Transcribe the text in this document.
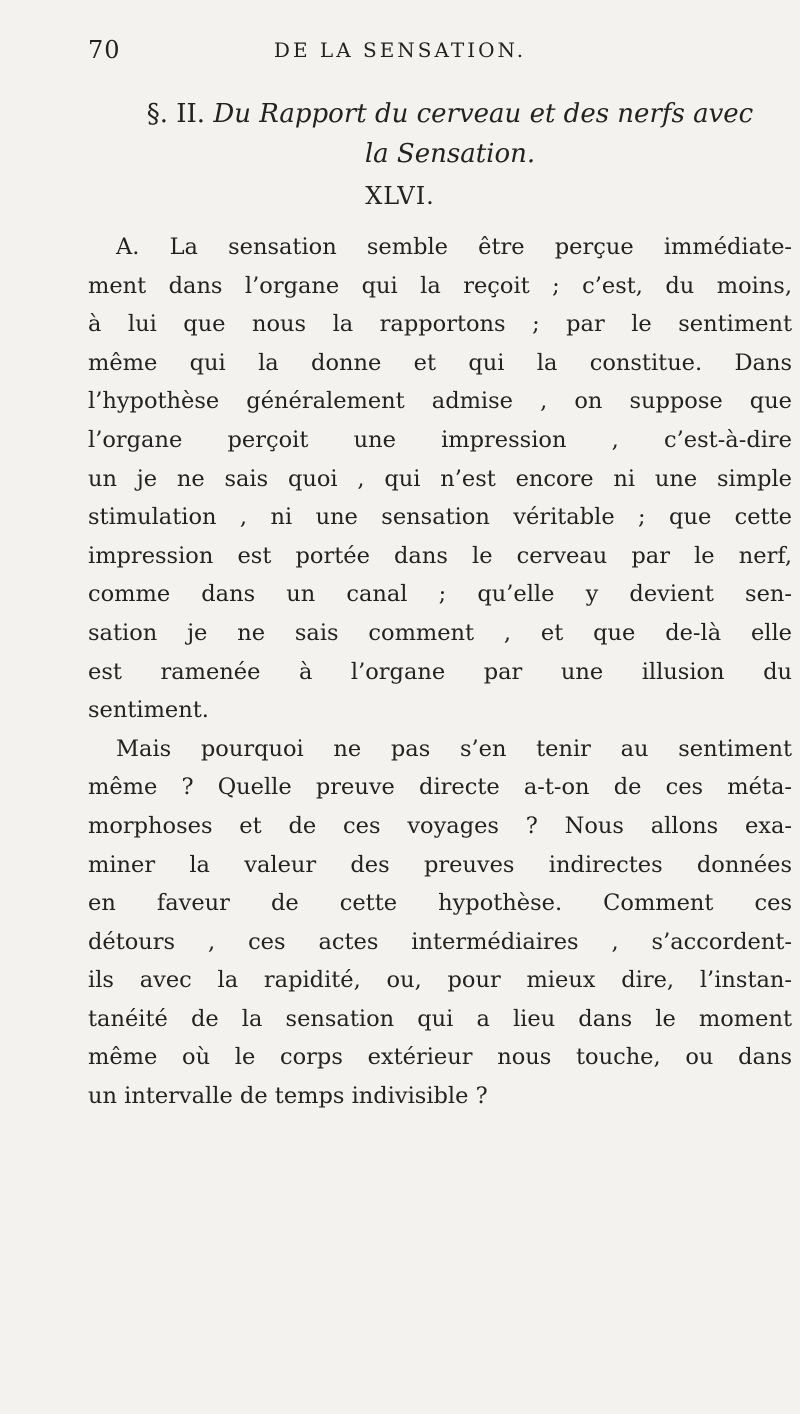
70	DE LA SENSATION.
§. II. Du Rapport du cerveau et des nerfs avec
la Sensation.
XLVI.
A. La sensation semble être perçue immédiate-
ment dans l’organe qui la reçoit ; c’est, du moins,
à lui que nous la rapportons ; par le sentiment
même qui la donne et qui la constitue. Dans
l’hypothèse généralement admise , on suppose que
l’organe perçoit une impression , c’est-à-dire
un je ne sais quoi , qui n’est encore ni une simple
stimulation , ni une sensation véritable ; que cette
impression est portée dans le cerveau par le nerf,
comme dans un canal ; qu’elle y devient sen-
sation je ne sais comment , et que de-là elle
est ramenée à l’organe par une illusion du
sentiment.
Mais pourquoi ne pas s’en tenir au sentiment
même ? Quelle preuve directe a-t-on de ces méta-
morphoses et de ces voyages ? Nous allons exa-
miner la valeur des preuves indirectes données
en faveur de cette hypothèse. Comment ces
détours , ces actes intermédiaires , s’accordent-
ils avec la rapidité, ou, pour mieux dire, l’instan-
tanéité de la sensation qui a lieu dans le moment
même où le corps extérieur nous touche, ou dans
un intervalle de temps indivisible ?
